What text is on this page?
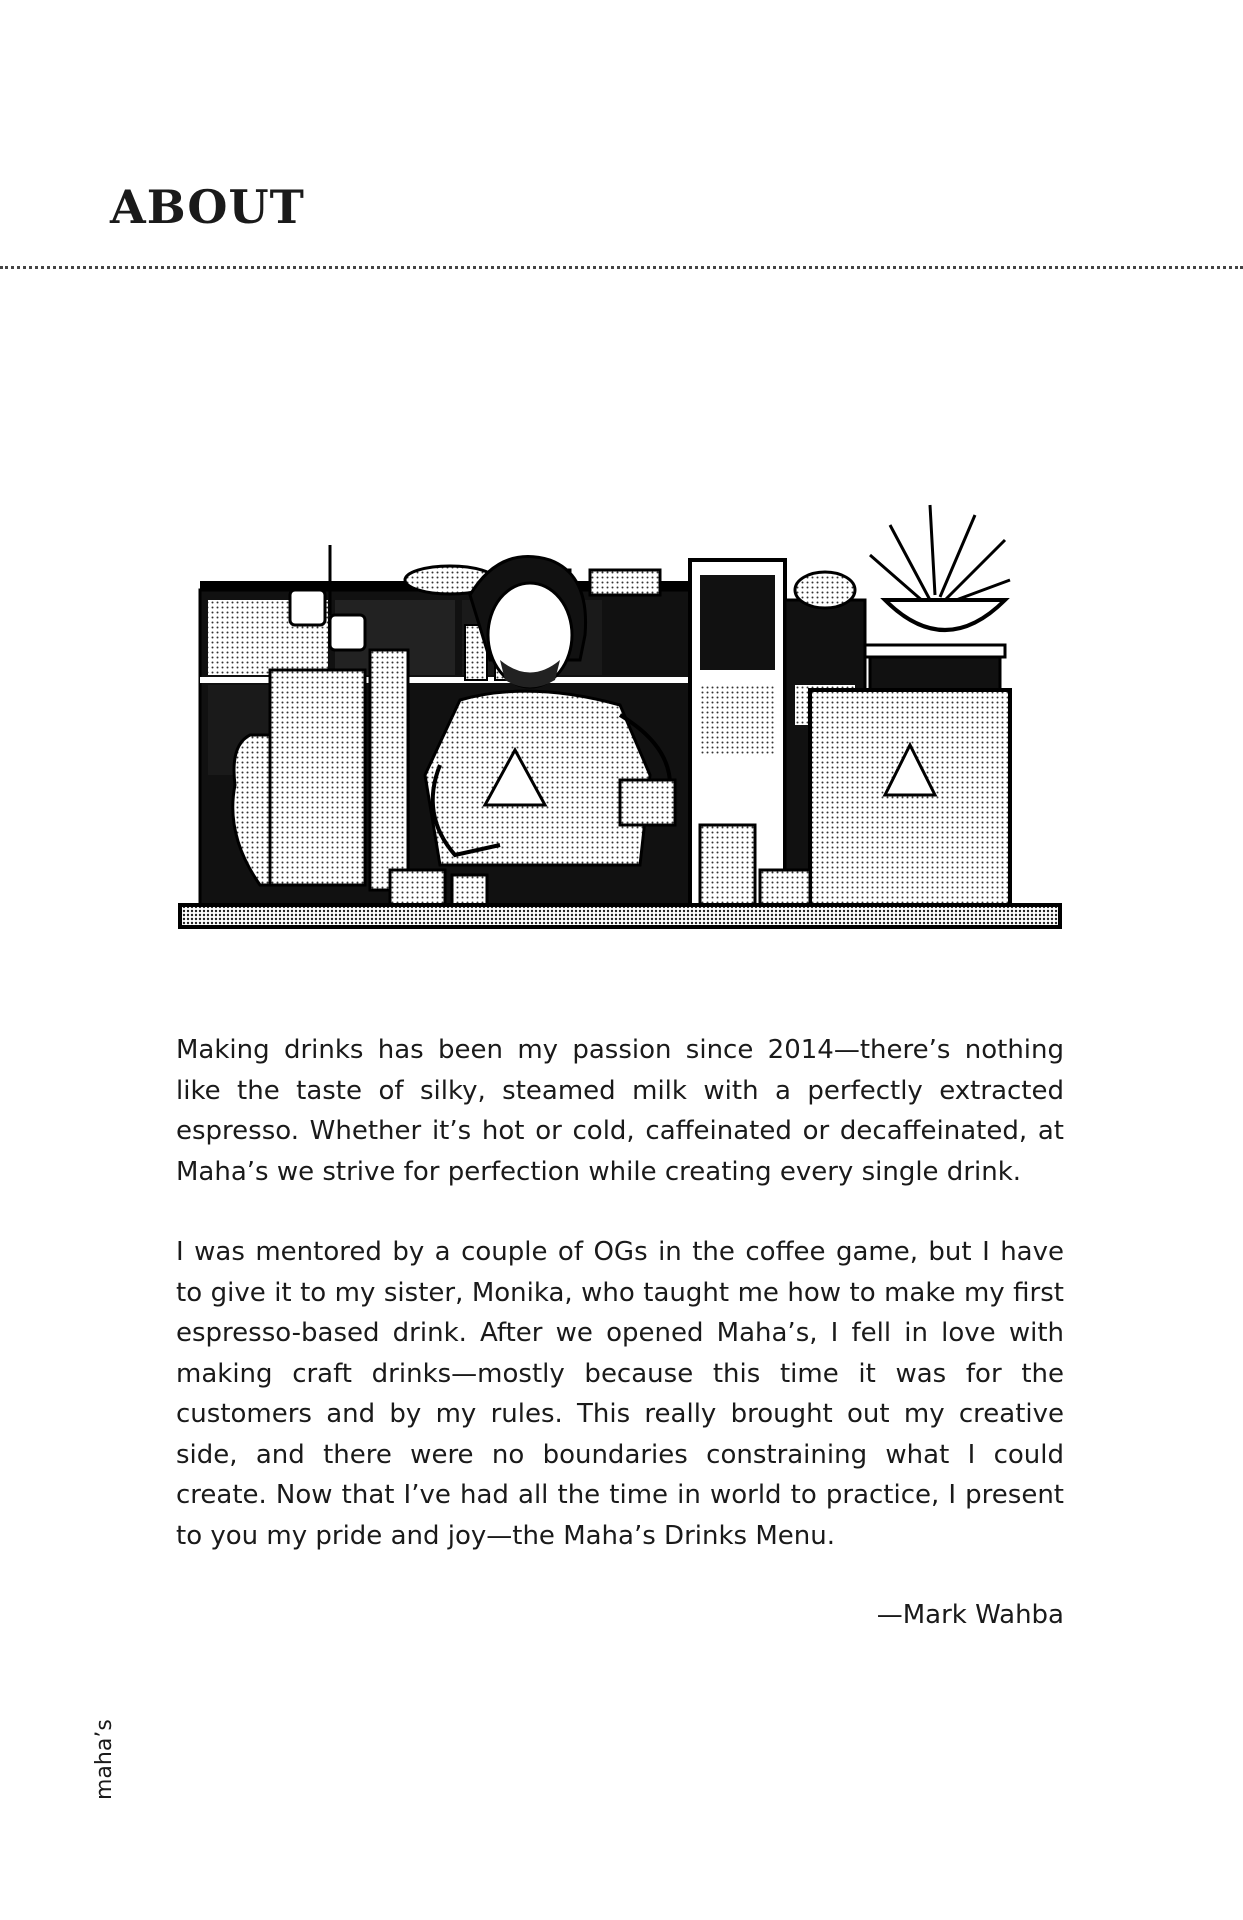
ABOUT

Making drinks has been my passion since 2014—there’s nothing like the taste of silky, steamed milk with a perfectly extracted espresso. Whether it’s hot or cold, caffeinated or decaffeinated, at Maha’s we strive for perfection while creating every single drink.

I was mentored by a couple of OGs in the coffee game, but I have to give it to my sister, Monika, who taught me how to make my first espresso-based drink. After we opened Maha’s, I fell in love with making craft drinks—mostly because this time it was for the customers and by my rules. This really brought out my creative side, and there were no boundaries constraining what I could create. Now that I’ve had all the time in world to practice, I present to you my pride and joy—the Maha’s Drinks Menu.

—Mark Wahba
maha’s
